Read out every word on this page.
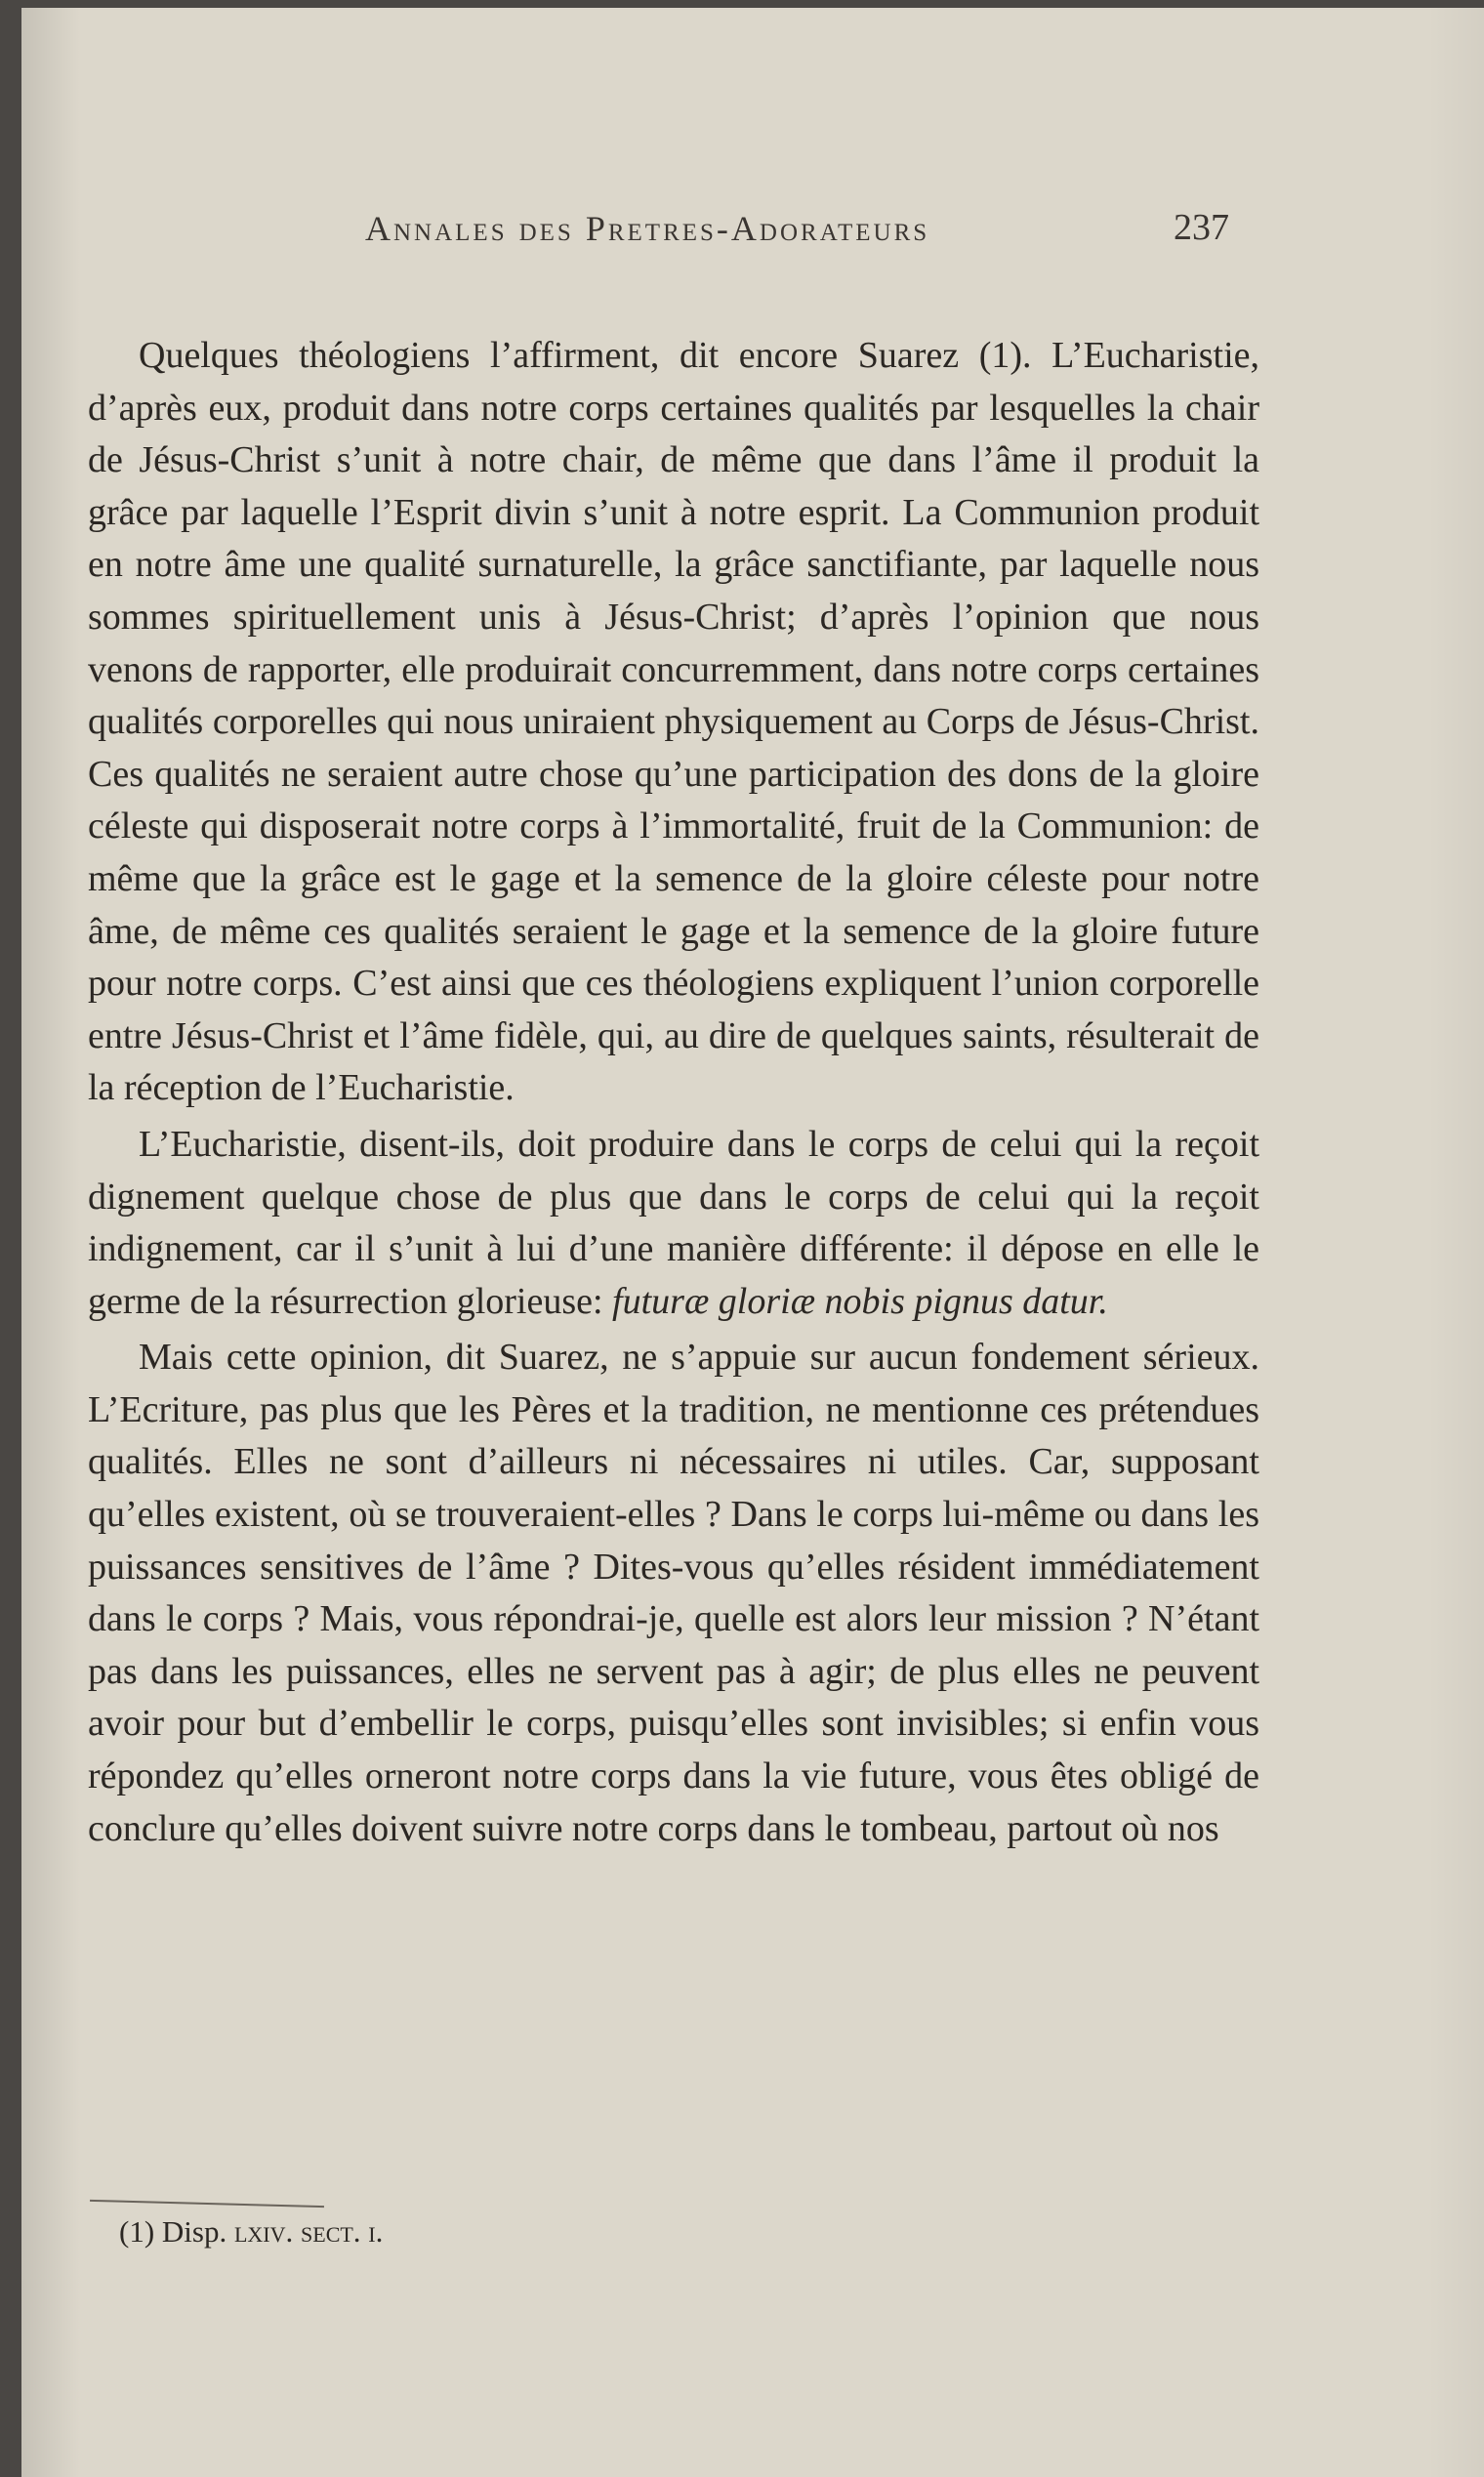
Annales des Pretres-Adorateurs	237

Quelques théologiens l’affirment, dit encore Suarez (1). L’Eucharistie, d’après eux, produit dans notre corps certaines qualités par lesquelles la chair de Jésus-Christ s’unit à notre chair, de même que dans l’âme il produit la grâce par laquelle l’Esprit divin s’unit à notre esprit. La Communion produit en notre âme une qualité surnaturelle, la grâce sanctifiante, par laquelle nous sommes spirituellement unis à Jésus-Christ; d’après l’opinion que nous venons de rapporter, elle produirait concurremment, dans notre corps certaines qualités corporelles qui nous uniraient physiquement au Corps de Jésus-Christ. Ces qualités ne seraient autre chose qu’une participation des dons de la gloire céleste qui disposerait notre corps à l’immortalité, fruit de la Communion: de même que la grâce est le gage et la semence de la gloire céleste pour notre âme, de même ces qualités seraient le gage et la semence de la gloire future pour notre corps. C’est ainsi que ces théologiens expliquent l’union corporelle entre Jésus-Christ et l’âme fidèle, qui, au dire de quelques saints, résulterait de la réception de l’Eucharistie.

L’Eucharistie, disent-ils, doit produire dans le corps de celui qui la reçoit dignement quelque chose de plus que dans le corps de celui qui la reçoit indignement, car il s’unit à lui d’une manière différente: il dépose en elle le germe de la résurrection glorieuse: futuræ gloriæ nobis pignus datur.

Mais cette opinion, dit Suarez, ne s’appuie sur aucun fondement sérieux. L’Ecriture, pas plus que les Pères et la tradition, ne mentionne ces prétendues qualités. Elles ne sont d’ailleurs ni nécessaires ni utiles. Car, supposant qu’elles existent, où se trouveraient-elles ? Dans le corps lui-même ou dans les puissances sensitives de l’âme ? Dites-vous qu’elles résident immédiatement dans le corps ? Mais, vous répondrai-je, quelle est alors leur mission ? N’étant pas dans les puissances, elles ne servent pas à agir; de plus elles ne peuvent avoir pour but d’embellir le corps, puisqu’elles sont invisibles; si enfin vous répondez qu’elles orneront notre corps dans la vie future, vous êtes obligé de conclure qu’elles doivent suivre notre corps dans le tombeau, partout où nos

(1) Disp. lxiv. sect. i.
